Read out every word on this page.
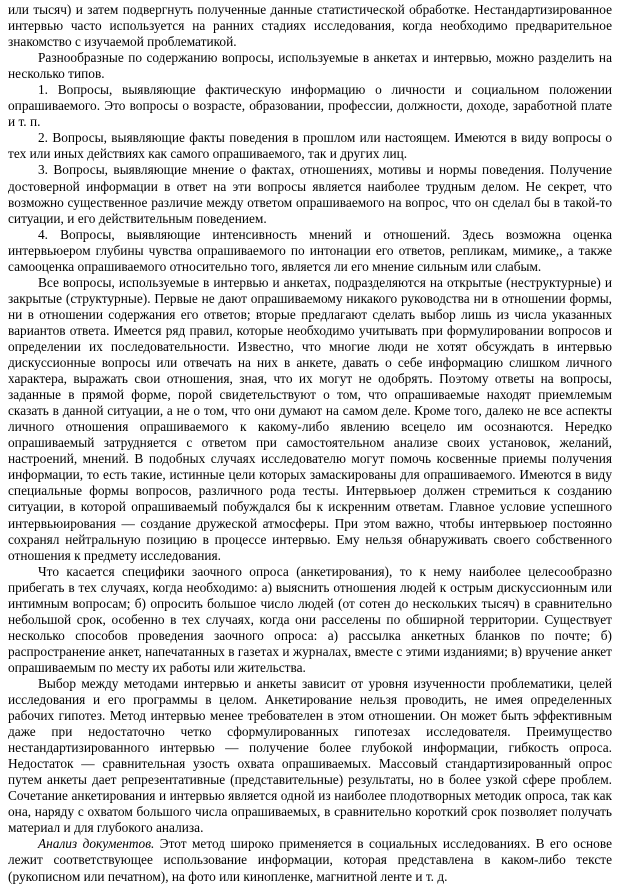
или тысяч) и затем подвергнуть полученные данные статистической обработке. Нестандартизированное интервью часто используется на ранних стадиях исследования, когда необходимо предварительное знакомство с изучаемой проблематикой.

Разнообразные по содержанию вопросы, используемые в анкетах и интервью, можно разделить на несколько типов.

1. Вопросы, выявляющие фактическую информацию о личности и социальном положении опрашиваемого. Это вопросы о возрасте, образовании, профессии, должности, доходе, заработной плате и т. п.

2. Вопросы, выявляющие факты поведения в прошлом или настоящем. Имеются в виду вопросы о тех или иных действиях как самого опрашиваемого, так и других лиц.

3. Вопросы, выявляющие мнение о фактах, отношениях, мотивы и нормы поведения. Получение достоверной информации в ответ на эти вопросы является наиболее трудным делом. Не секрет, что возможно существенное различие между ответом опрашиваемого на вопрос, что он сделал бы в такой-то ситуации, и его действительным поведением.

4. Вопросы, выявляющие интенсивность мнений и отношений. Здесь возможна оценка интервьюером глубины чувства опрашиваемого по интонации его ответов, репликам, мимике,, а также самооценка опрашиваемого относительно того, является ли его мнение сильным или слабым.

Все вопросы, используемые в интервью и анкетах, подразделяются на открытые (неструктурные) и закрытые (структурные). Первые не дают опрашиваемому никакого руководства ни в отношении формы, ни в отношении содержания его ответов; вторые предлагают сделать выбор лишь из числа указанных вариантов ответа. Имеется ряд правил, которые необходимо учитывать при формулировании вопросов и определении их последовательности. Известно, что многие люди не хотят обсуждать в интервью дискуссионные вопросы или отвечать на них в анкете, давать о себе информацию слишком личного характера, выражать свои отношения, зная, что их могут не одобрять. Поэтому ответы на вопросы, заданные в прямой форме, порой свидетельствуют о том, что опрашиваемые находят приемлемым сказать в данной ситуации, а не о том, что они думают на самом деле. Кроме того, далеко не все аспекты личного отношения опрашиваемого к какому-либо явлению всецело им осознаются. Нередко опрашиваемый затрудняется с ответом при самостоятельном анализе своих установок, желаний, настроений, мнений. В подобных случаях исследователю могут помочь косвенные приемы получения информации, то есть такие, истинные цели которых замаскированы для опрашиваемого. Имеются в виду специальные формы вопросов, различного рода тесты. Интервьюер должен стремиться к созданию ситуации, в которой опрашиваемый побуждался бы к искренним ответам. Главное условие успешного интервьюирования — создание дружеской атмосферы. При этом важно, чтобы интервьюер постоянно сохранял нейтральную позицию в процессе интервью. Ему нельзя обнаруживать своего собственного отношения к предмету исследования.

Что касается специфики заочного опроса (анкетирования), то к нему наиболее целесообразно прибегать в тех случаях, когда необходимо: а) выяснить отношения людей к острым дискуссионным или интимным вопросам; б) опросить большое число людей (от сотен до нескольких тысяч) в сравнительно небольшой срок, особенно в тех случаях, когда они расселены по обширной территории. Существует несколько способов проведения заочного опроса: а) рассылка анкетных бланков по почте; б) распространение анкет, напечатанных в газетах и журналах, вместе с этими изданиями; в) вручение анкет опрашиваемым по месту их работы или жительства.

Выбор между методами интервью и анкеты зависит от уровня изученности проблематики, целей исследования и его программы в целом. Анкетирование нельзя проводить, не имея определенных рабочих гипотез. Метод интервью менее требователен в этом отношении. Он может быть эффективным даже при недостаточно четко сформулированных гипотезах исследователя. Преимущество нестандартизированного интервью — получение более глубокой информации, гибкость опроса. Недостаток — сравнительная узость охвата опрашиваемых. Массовый стандартизированный опрос путем анкеты дает репрезентативные (представительные) результаты, но в более узкой сфере проблем. Сочетание анкетирования и интервью является одной из наиболее плодотворных методик опроса, так как она, наряду с охватом большого числа опрашиваемых, в сравнительно короткий срок позволяет получать материал и для глубокого анализа.

Анализ документов. Этот метод широко применяется в социальных исследованиях. В его основе лежит соответствующее использование информации, которая представлена в каком-либо тексте (рукописном или печатном), на фото или кинопленке, магнитной ленте и т. д.
